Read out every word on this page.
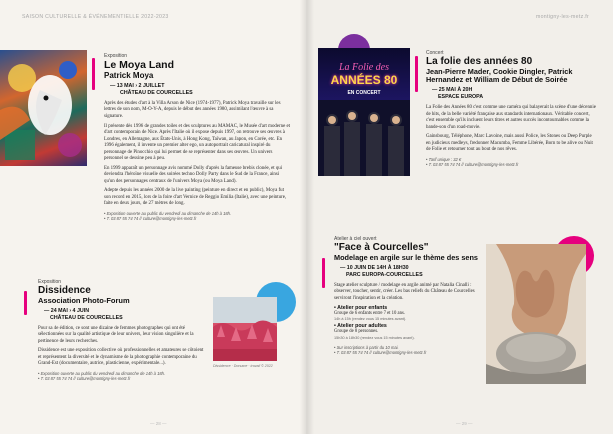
SAISON CULTURELLE & ÉVÉNEMENTIELLE 2022-2023
Exposition
Le Moya Land
Patrick Moya
— 13 MAI › 2 JUILLET
CHÂTEAU DE COURCELLES

Après des études d'art à la Villa Arson de Nice (1974-1977), Patrick Moya travaille sur les lettres de son nom, M-O-Y-A, depuis le début des années 1980, assimilant l'œuvre à sa signature.

Il présente dès 1996 de grandes toiles et des sculptures au MAMAC, le Musée d'art moderne et d'art contemporain de Nice. Après l'Italie où il expose depuis 1997, on retrouve ses œuvres à Londres, en Allemagne, aux États-Unis, à Hong Kong, Taïwan, au Japon, en Corée, etc. En 1996 également, il invente un premier alter ego, un autoportrait caricatural inspiré du personnage de Pinocchio qui lui permet de se représenter dans ses œuvres. Un univers personnel se dessine peu à peu.

En 1999 apparaît un personnage avis nommé Dolly d'après la fameuse brebis clonée, et qui deviendra l'héroïne visuelle des soirées techno Dolly Party dans le Sud de la France, ainsi qu'un des personnages centraux de l'univers Moya (ou Moya Land).

Adepte depuis les années 2000 de la live painting (peinture en direct et en public), Moya fut son record en 2015, lors de la foire d'art Vernice de Reggio Emilia (Italie), avec une peinture, faite en deux jours, de 27 mètres de long.

• Exposition ouverte au public du vendredi au dimanche de 14h à 18h.
• T. 03 87 55 74 74 // culture@montigny-les-metz.fr
Exposition
Dissidence
Association Photo-Forum
— 24 MAI › 4 JUIN
CHÂTEAU DE COURCELLES

Pour sa 4e édition, ce sont une dizaine de femmes photographes qui ont été sélectionnées sur la qualité artistique de leur univers, leur vision singulière et la pertinence de leurs recherches.

Dissidence est une exposition collective où professionnelles et amateures se côtoient et représentent la diversité et le dynamisme de la photographie contemporaine du Grand-Est (documentaire, autrice, plasticienne, expérimentale...).

• Exposition ouverte au public du vendredi au dimanche de 14h à 18h.
• T. 03 87 55 74 74 // culture@montigny-les-metz.fr
Dissidence · Dorsane · travail © 2022
— 28 —
montigny-les-metz.fr
La Folie des
ANNÉES 80
EN CONCERT
Concert
La folie des années 80
Jean-Pierre Mader, Cookie Dingler, Patrick Hernandez et William de Début de Soirée
— 25 MAI À 20H
ESPACE EUROPA

La Folie des Années 80 c'est comme une caméra qui balayerait la scène d'une décennie de hits, de la belle variété française aux standards internationaux. Véritable concert, c'est ensemble qu'ils incluent leurs titres et autres succès incontournables comme la bande-son d'un road-movie.

Gainsbourg, Téléphone, Marc Lavoine, mais aussi Police, les Stones ou Deep Purple en judicieux medleys, fredonner Macumba, Femme Libérée, Born to be alive ou Nuit de Folie et retourner tout au bout de nos rêves.

• Tarif unique : 32 €
• T. 03 87 55 74 74 // culture@montigny-les-metz.fr
Atelier à ciel ouvert
"Face à Courcelles"
Modelage en argile sur le thème des sens
— 10 JUIN DE 14H À 18H30
PARC EUROPA-COURCELLES

Stage atelier sculpture / modelage en argile animé par Natalia Cinalli : observer, toucher, sentir, créer. Les bas reliefs du Château de Courcelles serviront l'inspiration et la création.

• Atelier pour enfants
Groupe de 6 enfants entre 7 et 10 ans.
14h à 15h (rendez vous 15 minutes avant).
• Atelier pour adultes
Groupe de 8 personnes.
15h30 à 18h30 (rendez vous 15 minutes avant).
• Sur inscriptions à partir du 10 mai.
• T. 03 87 55 74 74 // culture@montigny-les-metz.fr
— 29 —
